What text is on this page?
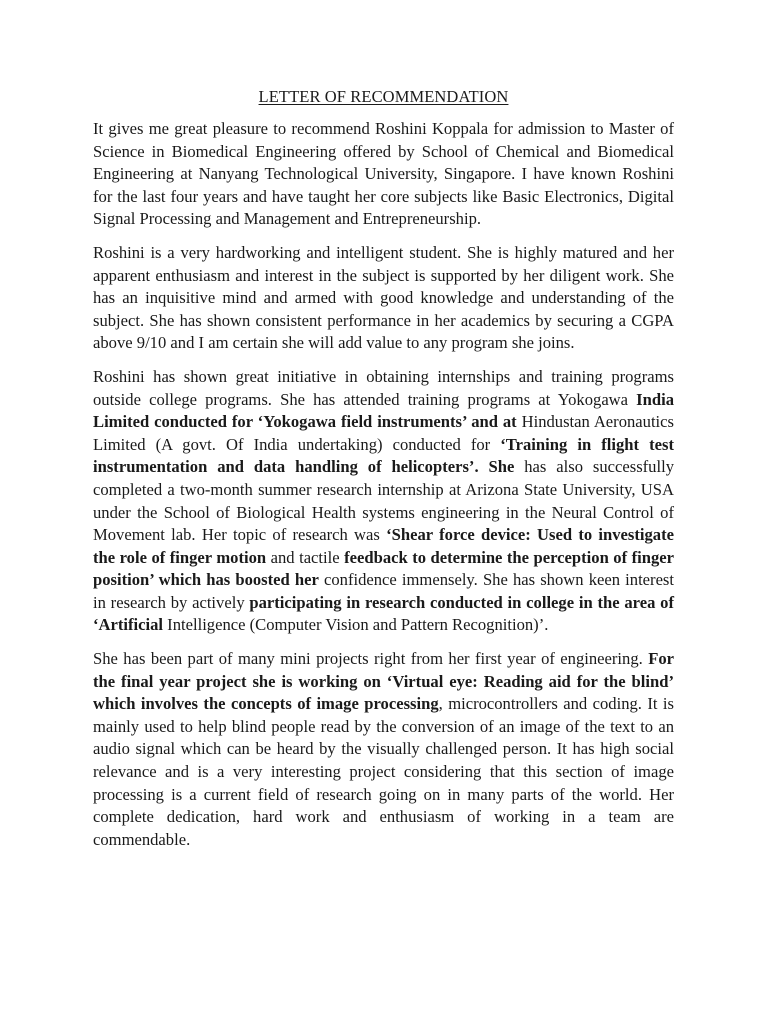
LETTER OF RECOMMENDATION

It gives me great pleasure to recommend Roshini Koppala for admission to Master of Science in Biomedical Engineering offered by School of Chemical and Biomedical Engineering at Nanyang Technological University, Singapore. I have known Roshini for the last four years and have taught her core subjects like Basic Electronics, Digital Signal Processing and Management and Entrepreneurship.

Roshini is a very hardworking and intelligent student. She is highly matured and her apparent enthusiasm and interest in the subject is supported by her diligent work. She has an inquisitive mind and armed with good knowledge and understanding of the subject. She has shown consistent performance in her academics by securing a CGPA above 9/10 and I am certain she will add value to any program she joins.

Roshini has shown great initiative in obtaining internships and training programs outside college programs. She has attended training programs at Yokogawa India Limited conducted for ‘Yokogawa field instruments’ and at Hindustan Aeronautics Limited (A govt. Of India undertaking) conducted for ‘Training in flight test instrumentation and data handling of helicopters’. She has also successfully completed a two-month summer research internship at Arizona State University, USA under the School of Biological Health systems engineering in the Neural Control of Movement lab. Her topic of research was ‘Shear force device: Used to investigate the role of finger motion and tactile feedback to determine the perception of finger position’ which has boosted her confidence immensely. She has shown keen interest in research by actively participating in research conducted in college in the area of ‘Artificial Intelligence (Computer Vision and Pattern Recognition)’.

She has been part of many mini projects right from her first year of engineering. For the final year project she is working on ‘Virtual eye: Reading aid for the blind’ which involves the concepts of image processing, microcontrollers and coding. It is mainly used to help blind people read by the conversion of an image of the text to an audio signal which can be heard by the visually challenged person. It has high social relevance and is a very interesting project considering that this section of image processing is a current field of research going on in many parts of the world. Her complete dedication, hard work and enthusiasm of working in a team are commendable.
